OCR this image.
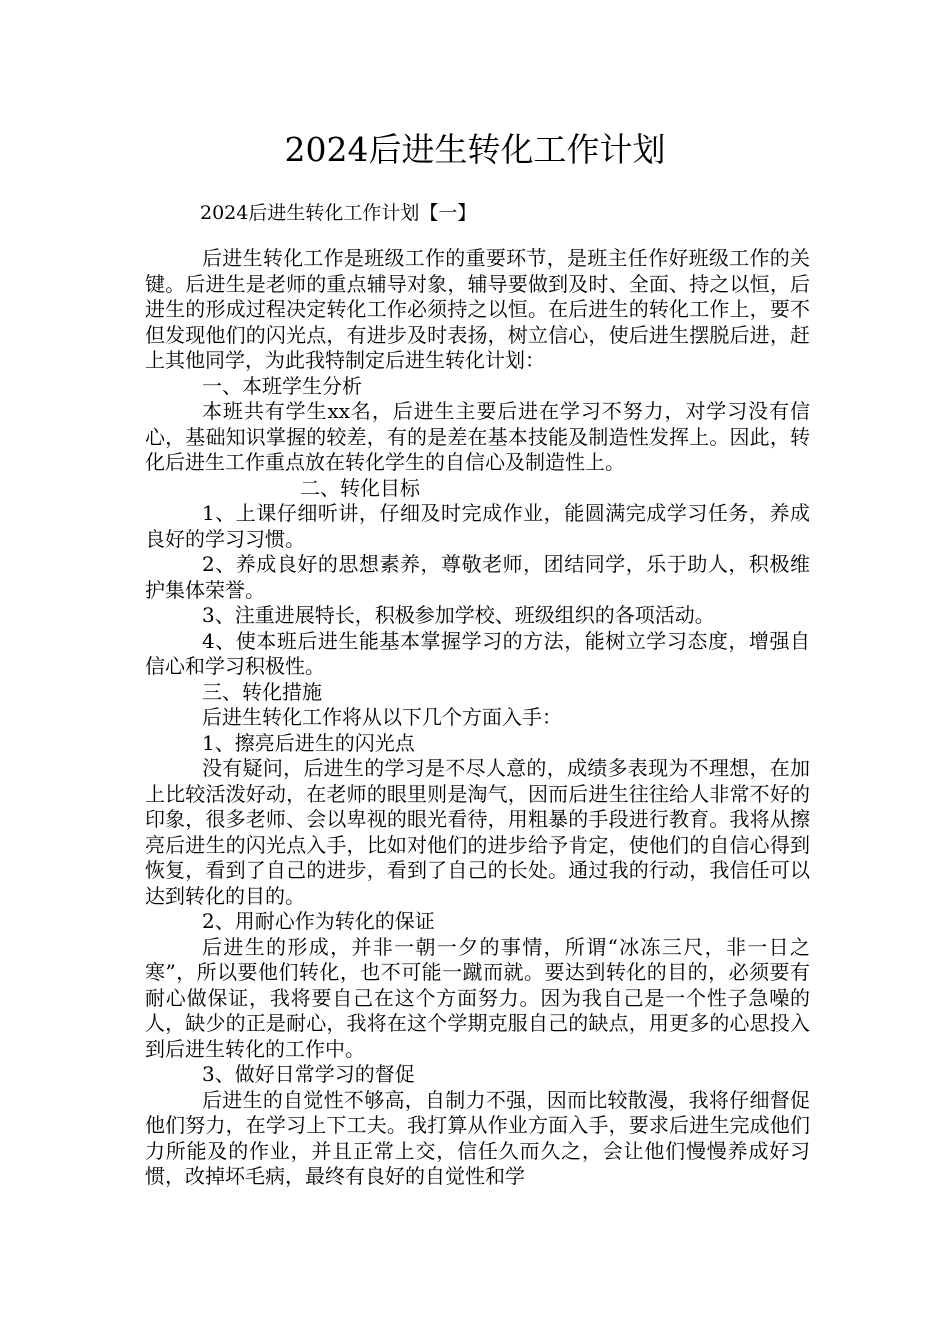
2024后进生转化工作计划
2024后进生转化工作计划【一】

后进生转化工作是班级工作的重要环节，是班主任作好班级工作的关键。后进生是老师的重点辅导对象，辅导要做到及时、全面、持之以恒，后进生的形成过程决定转化工作必须持之以恒。在后进生的转化工作上，要不但发现他们的闪光点，有进步及时表扬，树立信心，使后进生摆脱后进，赶上其他同学，为此我特制定后进生转化计划：

一、本班学生分析

本班共有学生xx名，后进生主要后进在学习不努力，对学习没有信心，基础知识掌握的较差，有的是差在基本技能及制造性发挥上。因此，转化后进生工作重点放在转化学生的自信心及制造性上。

二、转化目标

1、上课仔细听讲，仔细及时完成作业，能圆满完成学习任务，养成良好的学习习惯。

2、养成良好的思想素养，尊敬老师，团结同学，乐于助人，积极维护集体荣誉。

3、注重进展特长，积极参加学校、班级组织的各项活动。

4、使本班后进生能基本掌握学习的方法，能树立学习态度，增强自信心和学习积极性。

三、转化措施

后进生转化工作将从以下几个方面入手：

1、擦亮后进生的闪光点

没有疑问，后进生的学习是不尽人意的，成绩多表现为不理想，在加上比较活泼好动，在老师的眼里则是淘气，因而后进生往往给人非常不好的印象，很多老师、会以卑视的眼光看待，用粗暴的手段进行教育。我将从擦亮后进生的闪光点入手，比如对他们的进步给予肯定，使他们的自信心得到恢复，看到了自己的进步，看到了自己的长处。通过我的行动，我信任可以达到转化的目的。

2、用耐心作为转化的保证

后进生的形成，并非一朝一夕的事情，所谓“冰冻三尺，非一日之寒”，所以要他们转化，也不可能一蹴而就。要达到转化的目的，必须要有耐心做保证，我将要自己在这个方面努力。因为我自己是一个性子急噪的人，缺少的正是耐心，我将在这个学期克服自己的缺点，用更多的心思投入到后进生转化的工作中。

3、做好日常学习的督促

后进生的自觉性不够高，自制力不强，因而比较散漫，我将仔细督促他们努力，在学习上下工夫。我打算从作业方面入手，要求后进生完成他们力所能及的作业，并且正常上交，信任久而久之，会让他们慢慢养成好习惯，改掉坏毛病，最终有良好的自觉性和学
